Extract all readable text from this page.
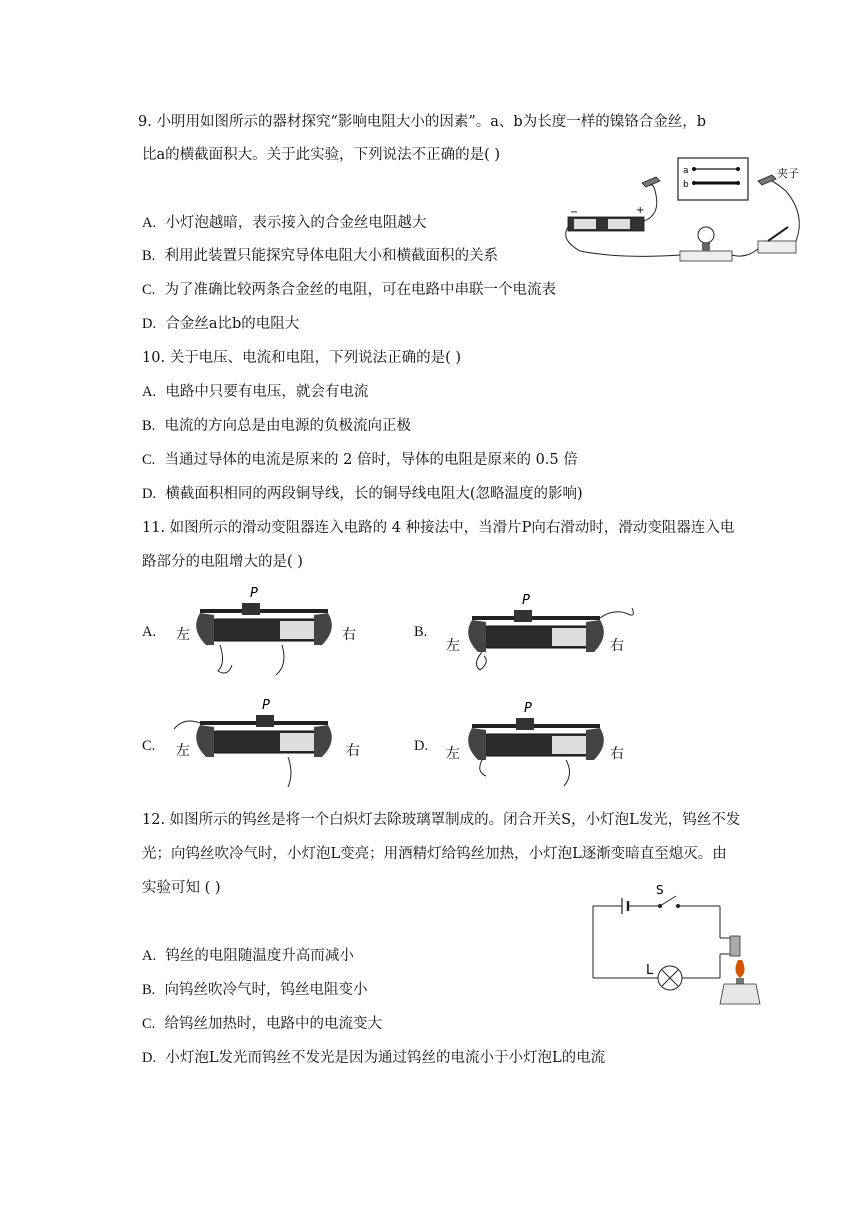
9. 小明用如图所示的器材探究“影响电阻大小的因素”。a、b为长度一样的镍铬合金丝，b
比a的横截面积大。关于此实验，下列说法不正确的是( )
A. 小灯泡越暗，表示接入的合金丝电阻越大
B. 利用此装置只能探究导体电阻大小和横截面积的关系
C. 为了准确比较两条合金丝的电阻，可在电路中串联一个电流表
D. 合金丝a比b的电阻大
a
b
夹子
−	+
10. 关于电压、电流和电阻，下列说法正确的是( )
A. 电路中只要有电压，就会有电流
B. 电流的方向总是由电源的负极流向正极
C. 当通过导体的电流是原来的 2 倍时，导体的电阻是原来的 0.5 倍
D. 横截面积相同的两段铜导线，长的铜导线电阻大(忽略温度的影响)
11. 如图所示的滑动变阻器连入电路的 4 种接法中，当滑片P向右滑动时，滑动变阻器连入电
路部分的电阻增大的是( )
A.
P
左	右	B.
P
左	右
C.
P
左	右	D.
P
左	右
12. 如图所示的钨丝是将一个白炽灯去除玻璃罩制成的。闭合开关S，小灯泡L发光，钨丝不发
光；向钨丝吹冷气时，小灯泡L变亮；用酒精灯给钨丝加热，小灯泡L逐渐变暗直至熄灭。由
实验可知 ( )	S
L
A. 钨丝的电阻随温度升高而减小
B. 向钨丝吹冷气时，钨丝电阻变小
C. 给钨丝加热时，电路中的电流变大
D. 小灯泡L发光而钨丝不发光是因为通过钨丝的电流小于小灯泡L的电流
